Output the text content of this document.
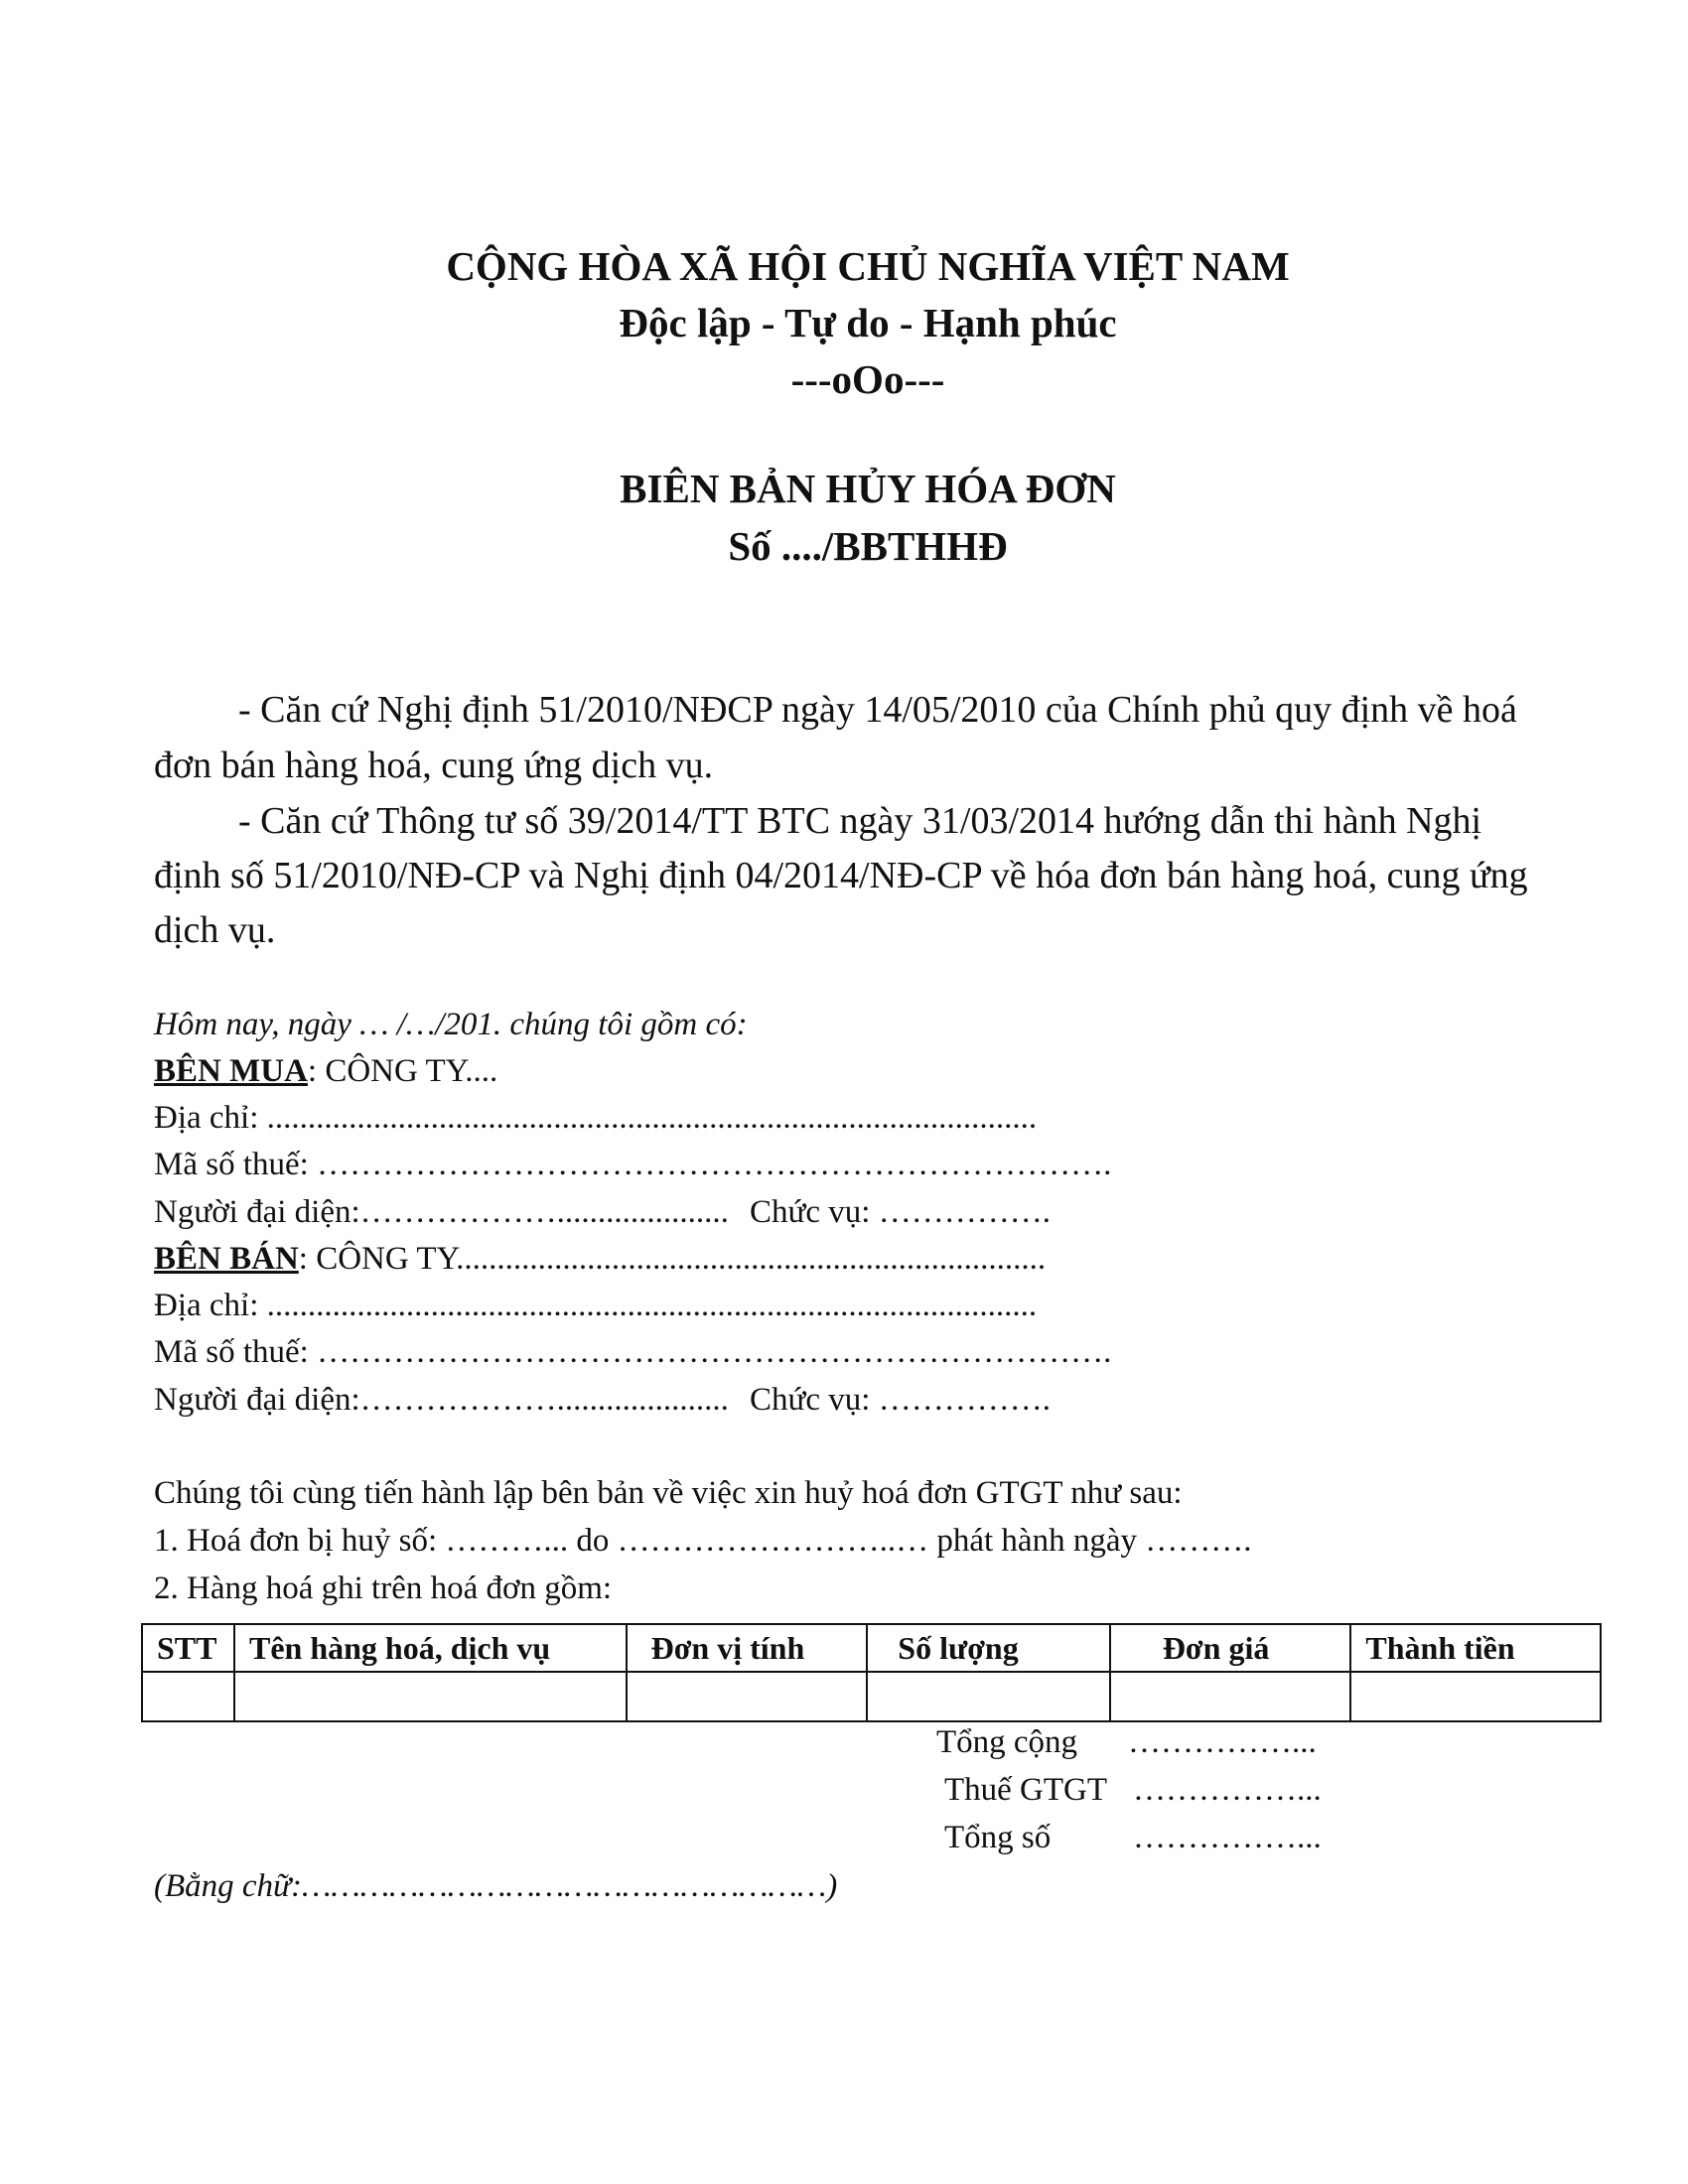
CỘNG HÒA XÃ HỘI CHỦ NGHĨA VIỆT NAM
Độc lập - Tự do - Hạnh phúc
---oOo---
BIÊN BẢN HỦY HÓA ĐƠN
Số ..../BBTHHĐ
- Căn cứ Nghị định 51/2010/NĐCP ngày 14/05/2010 của Chính phủ quy định về hoá
đơn bán hàng hoá, cung ứng dịch vụ.
- Căn cứ Thông tư số 39/2014/TT BTC ngày 31/03/2014 hướng dẫn thi hành Nghị
định số 51/2010/NĐ-CP và Nghị định 04/2014/NĐ-CP về hóa đơn bán hàng hoá, cung ứng
dịch vụ.
Hôm nay, ngày … /…/201. chúng tôi gồm có:
BÊN MUA: CÔNG TY....
Địa chỉ: ..............................................................................................
Mã số thuế: ……………………………………………………………….
Người đại diện:………………..................... Chức vụ: …………….
BÊN BÁN: CÔNG TY........................................................................
Địa chỉ: ..............................................................................................
Mã số thuế: ……………………………………………………………….
Người đại diện:………………..................... Chức vụ: …………….
Chúng tôi cùng tiến hành lập bên bản về việc xin huỷ hoá đơn GTGT như sau:
1. Hoá đơn bị huỷ số: ………... do ……………………..… phát hành ngày ……….
2. Hàng hoá ghi trên hoá đơn gồm:
STT	Tên hàng hoá, dịch vụ	Đơn vị tính	Số lượng	Đơn giá	Thành tiền

Tổng cộng ……………...
Thuế GTGT ……………...
Tổng số	……………...
(Bằng chữ:………………………………………………)
